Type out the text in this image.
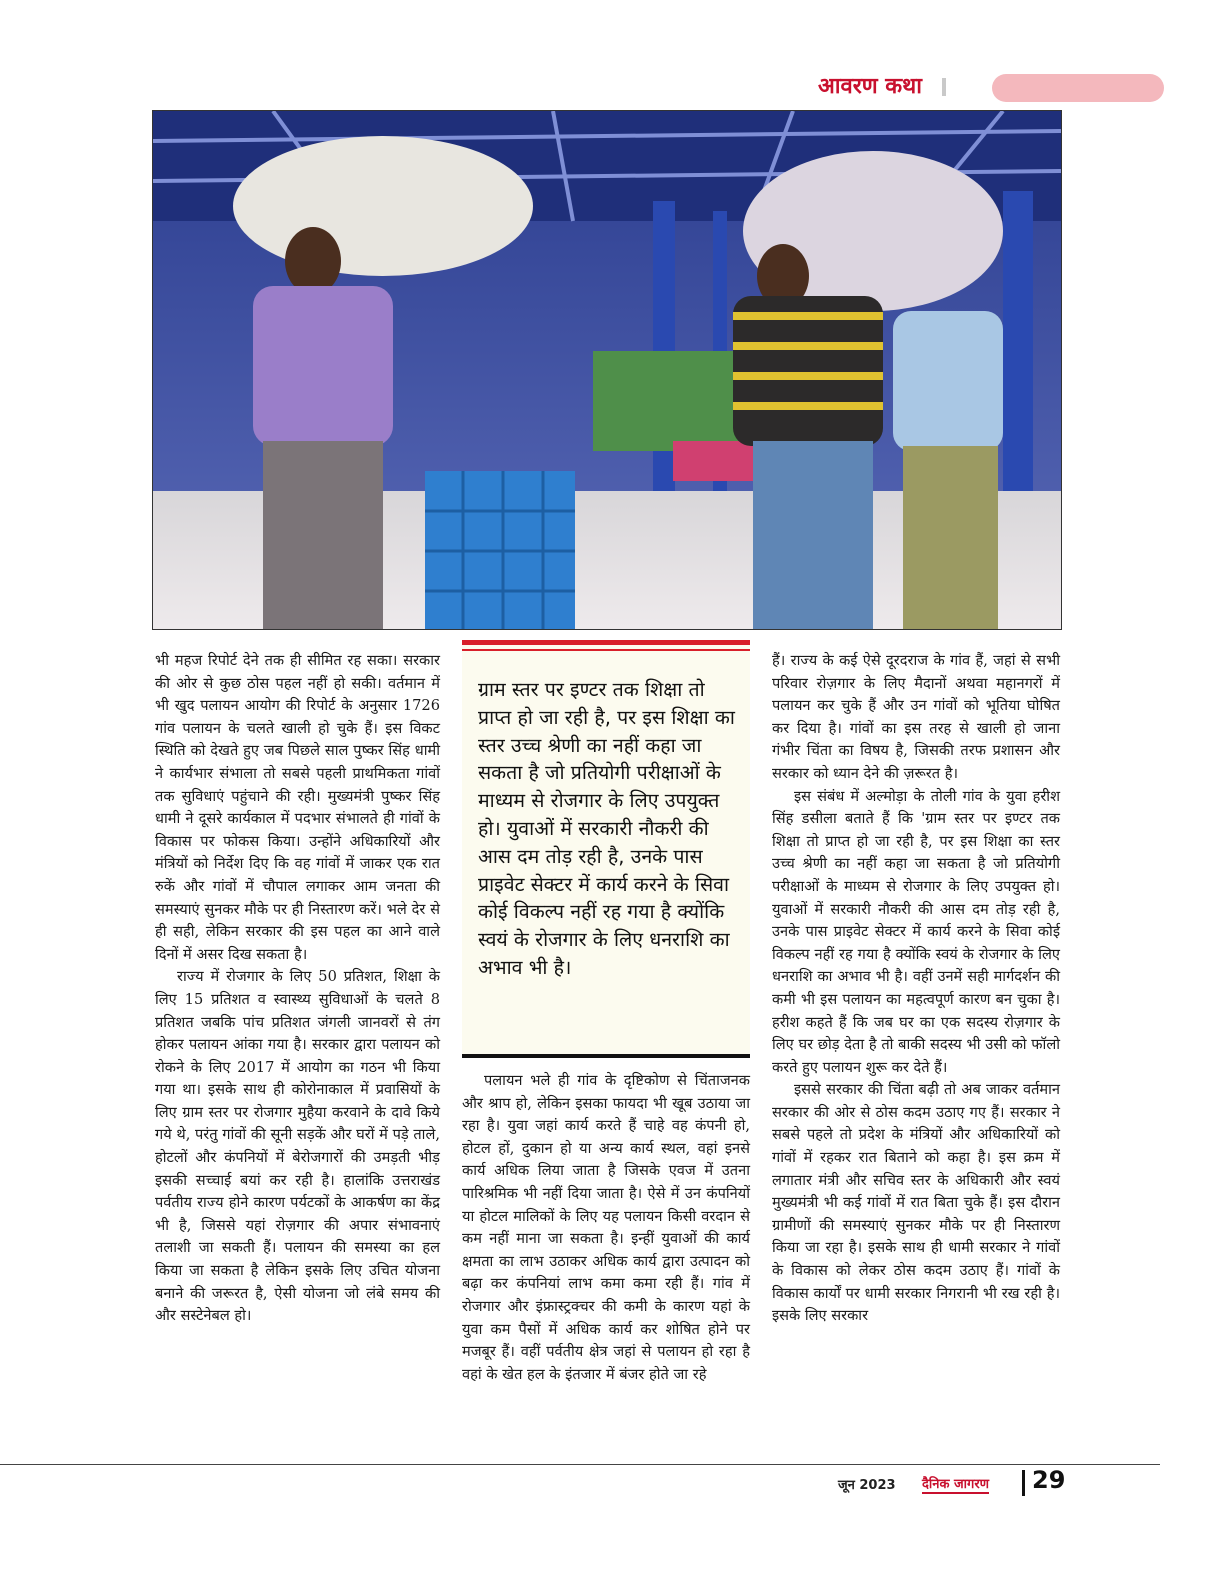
आवरण कथा

भी महज रिपोर्ट देने तक ही सीमित रह सका। सरकार की ओर से कुछ ठोस पहल नहीं हो सकी। वर्तमान में भी खुद पलायन आयोग की रिपोर्ट के अनुसार 1726 गांव पलायन के चलते खाली हो चुके हैं। इस विकट स्थिति को देखते हुए जब पिछले साल पुष्कर सिंह धामी ने कार्यभार संभाला तो सबसे पहली प्राथमिकता गांवों तक सुविधाएं पहुंचाने की रही। मुख्यमंत्री पुष्कर सिंह धामी ने दूसरे कार्यकाल में पदभार संभालते ही गांवों के विकास पर फोकस किया। उन्होंने अधिकारियों और मंत्रियों को निर्देश दिए कि वह गांवों में जाकर एक रात रुकें और गांवों में चौपाल लगाकर आम जनता की समस्याएं सुनकर मौके पर ही निस्तारण करें। भले देर से ही सही, लेकिन सरकार की इस पहल का आने वाले दिनों में असर दिख सकता है।

राज्य में रोजगार के लिए 50 प्रतिशत, शिक्षा के लिए 15 प्रतिशत व स्वास्थ्य सुविधाओं के चलते 8 प्रतिशत जबकि पांच प्रतिशत जंगली जानवरों से तंग होकर पलायन आंका गया है। सरकार द्वारा पलायन को रोकने के लिए 2017 में आयोग का गठन भी किया गया था। इसके साथ ही कोरोनाकाल में प्रवासियों के लिए ग्राम स्तर पर रोजगार मुहैया करवाने के दावे किये गये थे, परंतु गांवों की सूनी सड़कें और घरों में पड़े ताले, होटलों और कंपनियों में बेरोजगारों की उमड़ती भीड़ इसकी सच्चाई बयां कर रही है। हालांकि उत्तराखंड पर्वतीय राज्य होने कारण पर्यटकों के आकर्षण का केंद्र भी है, जिससे यहां रोज़गार की अपार संभावनाएं तलाशी जा सकती हैं। पलायन की समस्या का हल किया जा सकता है लेकिन इसके लिए उचित योजना बनाने की जरूरत है, ऐसी योजना जो लंबे समय की और सस्टेनेबल हो।

ग्राम स्तर पर इण्टर तक शिक्षा तो प्राप्त हो जा रही है, पर इस शिक्षा का स्तर उच्च श्रेणी का नहीं कहा जा सकता है जो प्रतियोगी परीक्षाओं के माध्यम से रोजगार के लिए उपयुक्त हो। युवाओं में सरकारी नौकरी की आस दम तोड़ रही है, उनके पास प्राइवेट सेक्टर में कार्य करने के सिवा कोई विकल्प नहीं रह गया है क्योंकि स्वयं के रोजगार के लिए धनराशि का अभाव भी है।

पलायन भले ही गांव के दृष्टिकोण से चिंताजनक और श्राप हो, लेकिन इसका फायदा भी खूब उठाया जा रहा है। युवा जहां कार्य करते हैं चाहे वह कंपनी हो, होटल हों, दुकान हो या अन्य कार्य स्थल, वहां इनसे कार्य अधिक लिया जाता है जिसके एवज में उतना पारिश्रमिक भी नहीं दिया जाता है। ऐसे में उन कंपनियों या होटल मालिकों के लिए यह पलायन किसी वरदान से कम नहीं माना जा सकता है। इन्हीं युवाओं की कार्य क्षमता का लाभ उठाकर अधिक कार्य द्वारा उत्पादन को बढ़ा कर कंपनियां लाभ कमा कमा रही हैं। गांव में रोजगार और इंफ्रास्ट्रक्चर की कमी के कारण यहां के युवा कम पैसों में अधिक कार्य कर शोषित होने पर मजबूर हैं। वहीं पर्वतीय क्षेत्र जहां से पलायन हो रहा है वहां के खेत हल के इंतजार में बंजर होते जा रहे

हैं। राज्य के कई ऐसे दूरदराज के गांव हैं, जहां से सभी परिवार रोज़गार के लिए मैदानों अथवा महानगरों में पलायन कर चुके हैं और उन गांवों को भूतिया घोषित कर दिया है। गांवों का इस तरह से खाली हो जाना गंभीर चिंता का विषय है, जिसकी तरफ प्रशासन और सरकार को ध्यान देने की ज़रूरत है।

इस संबंध में अल्मोड़ा के तोली गांव के युवा हरीश सिंह डसीला बताते हैं कि 'ग्राम स्तर पर इण्टर तक शिक्षा तो प्राप्त हो जा रही है, पर इस शिक्षा का स्तर उच्च श्रेणी का नहीं कहा जा सकता है जो प्रतियोगी परीक्षाओं के माध्यम से रोजगार के लिए उपयुक्त हो। युवाओं में सरकारी नौकरी की आस दम तोड़ रही है, उनके पास प्राइवेट सेक्टर में कार्य करने के सिवा कोई विकल्प नहीं रह गया है क्योंकि स्वयं के रोजगार के लिए धनराशि का अभाव भी है। वहीं उनमें सही मार्गदर्शन की कमी भी इस पलायन का महत्वपूर्ण कारण बन चुका है। हरीश कहते हैं कि जब घर का एक सदस्य रोज़गार के लिए घर छोड़ देता है तो बाकी सदस्य भी उसी को फॉलो करते हुए पलायन शुरू कर देते हैं।

इससे सरकार की चिंता बढ़ी तो अब जाकर वर्तमान सरकार की ओर से ठोस कदम उठाए गए हैं। सरकार ने सबसे पहले तो प्रदेश के मंत्रियों और अधिकारियों को गांवों में रहकर रात बिताने को कहा है। इस क्रम में लगातार मंत्री और सचिव स्तर के अधिकारी और स्वयं मुख्यमंत्री भी कई गांवों में रात बिता चुके हैं। इस दौरान ग्रामीणों की समस्याएं सुनकर मौके पर ही निस्तारण किया जा रहा है। इसके साथ ही धामी सरकार ने गांवों के विकास को लेकर ठोस कदम उठाए हैं। गांवों के विकास कार्यों पर धामी सरकार निगरानी भी रख रही है। इसके लिए सरकार

जून 2023 दैनिक जागरण 29
